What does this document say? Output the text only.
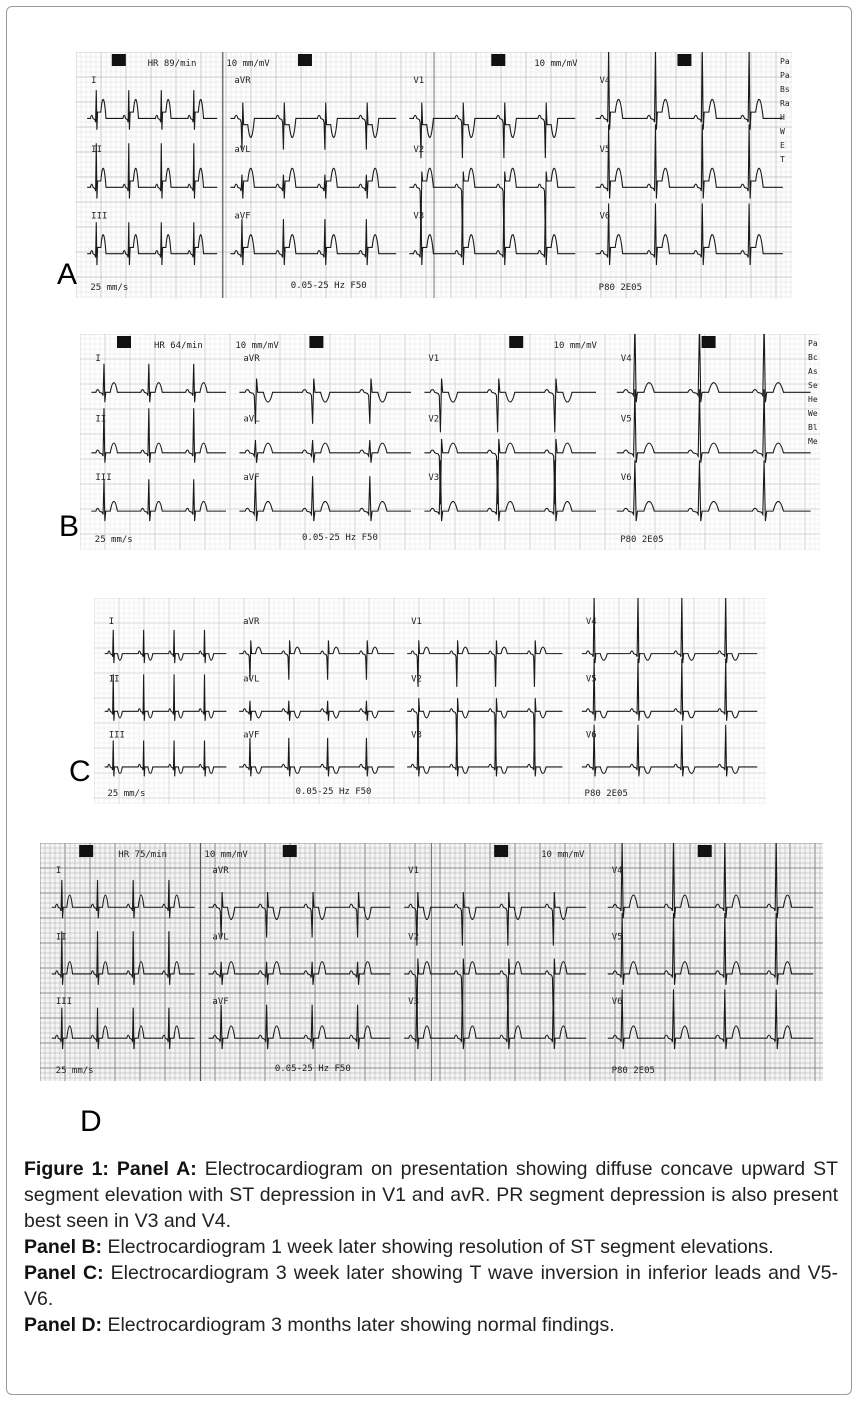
I
II
III
aVR
aVL
aVF
V1
V2
V3
V4
V5
V6
HR 89/min	10 mm/mV	10 mm/mV
25 mm/s	0.05-25 Hz F50	P80 2E05
Pa
Pa
Bs
Ra
H
W
E
T
A
I
II
III
aVR
aVL
aVF
V1
V2
V3
V4
V5
V6
HR 64/min	10 mm/mV	10 mm/mV
25 mm/s	0.05-25 Hz F50	P80 2E05
Pa
Bc
As
Se
He
We
Bl
Me
B
I
II
III
aVR
aVL
aVF
V1
V2
V3
V4
V5
V6
25 mm/s	0.05-25 Hz F50	P80 2E05
C
I
II
III
aVR
aVL
aVF
V1
V2
V3
V4
V5
V6
HR 75/min	10 mm/mV	10 mm/mV
25 mm/s	0.05-25 Hz F50	P80 2E05
D

Figure 1: Panel A: Electrocardiogram on presentation showing diffuse concave upward ST segment elevation with ST depression in V1 and avR. PR segment depression is also present best seen in V3 and V4.

Panel B: Electrocardiogram 1 week later showing resolution of ST segment elevations.

Panel C: Electrocardiogram 3 week later showing T wave inversion in inferior leads and V5-V6.

Panel D: Electrocardiogram 3 months later showing normal findings.
